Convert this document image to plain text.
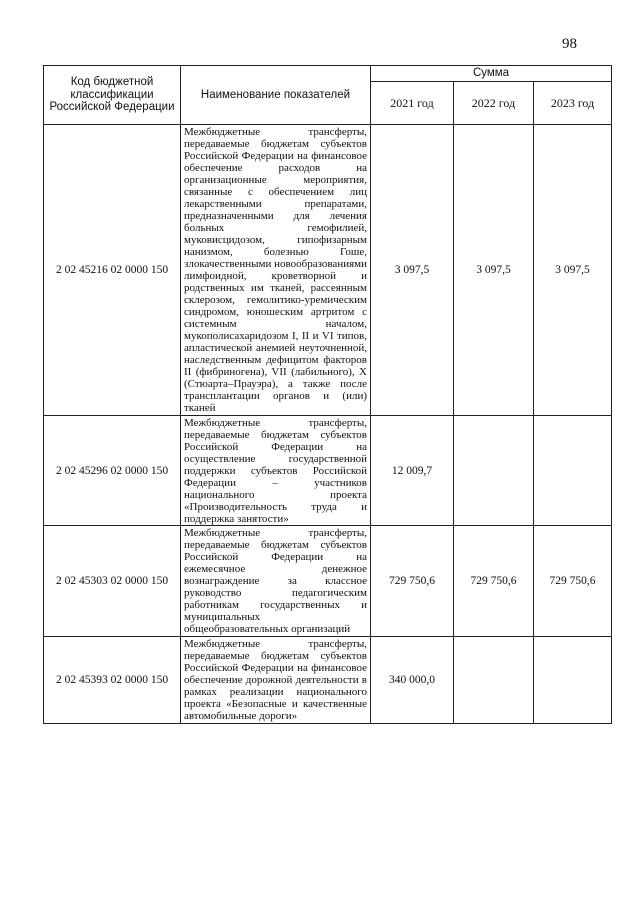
98
Код бюджетной классификации Российской Федерации	Наименование показателей	Сумма		
		2021 год	2022 год	2023 год
2 02 45216 02 0000 150	Межбюджетные трансферты, передаваемые бюджетам субъектов Российской Федерации на финансовое обеспечение расходов на организационные мероприятия, связанные с обеспечением лиц лекарственными препаратами, предназначенными для лечения больных гемофилией, муковисцидозом, гипофизарным нанизмом, болезнью Гоше, злокачественными новообразованиями лимфоидной, кроветворной и родственных им тканей, рассеянным склерозом, гемолитико-уремическим синдромом, юношеским артритом с системным началом, мукополисахаридозом I, II и VI типов, апластической анемией неуточненной, наследственным дефицитом факторов II (фибриногена), VII (лабильного), X (Стюарта–Прауэра), а также после трансплантации органов и (или) тканей	3 097,5	3 097,5	3 097,5
2 02 45296 02 0000 150	Межбюджетные трансферты, передаваемые бюджетам субъектов Российской Федерации на осуществление государственной поддержки субъектов Российской Федерации – участников национального проекта «Производительность труда и поддержка занятости»	12 009,7		
2 02 45303 02 0000 150	Межбюджетные трансферты, передаваемые бюджетам субъектов Российской Федерации на ежемесячное денежное вознаграждение за классное руководство педагогическим работникам государственных и муниципальных общеобразовательных организаций	729 750,6	729 750,6	729 750,6
2 02 45393 02 0000 150	Межбюджетные трансферты, передаваемые бюджетам субъектов Российской Федерации на финансовое обеспечение дорожной деятельности в рамках реализации национального проекта «Безопасные и качественные автомобильные дороги»	340 000,0		
